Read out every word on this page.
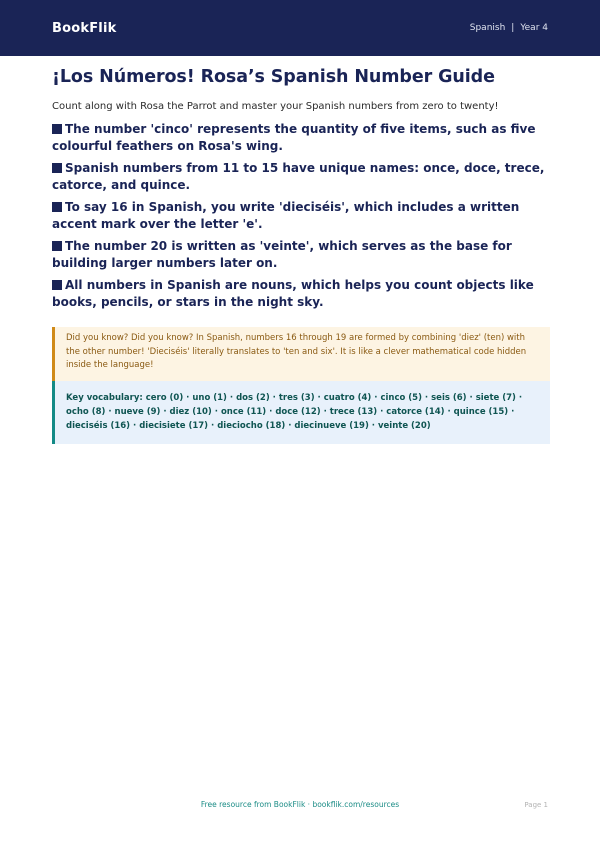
BookFlik	Spanish | Year 4
¡Los Números! Rosa’s Spanish Number Guide

Count along with Rosa the Parrot and master your Spanish numbers from zero to twenty!

The number 'cinco' represents the quantity of five items, such as five colourful feathers on Rosa's wing.
Spanish numbers from 11 to 15 have unique names: once, doce, trece, catorce, and quince.
To say 16 in Spanish, you write 'dieciséis', which includes a written accent mark over the letter 'e'.
The number 20 is written as 'veinte', which serves as the base for building larger numbers later on.
All numbers in Spanish are nouns, which helps you count objects like books, pencils, or stars in the night sky.

Did you know? Did you know? In Spanish, numbers 16 through 19 are formed by combining 'diez' (ten) with the other number! 'Dieciséis' literally translates to 'ten and six'. It is like a clever mathematical code hidden inside the language!

Key vocabulary: cero (0) · uno (1) · dos (2) · tres (3) · cuatro (4) · cinco (5) · seis (6) · siete (7) · ocho (8) · nueve (9) · diez (10) · once (11) · doce (12) · trece (13) · catorce (14) · quince (15) · dieciséis (16) · diecisiete (17) · dieciocho (18) · diecinueve (19) · veinte (20)

Free resource from BookFlik · bookflik.com/resources	Page 1
